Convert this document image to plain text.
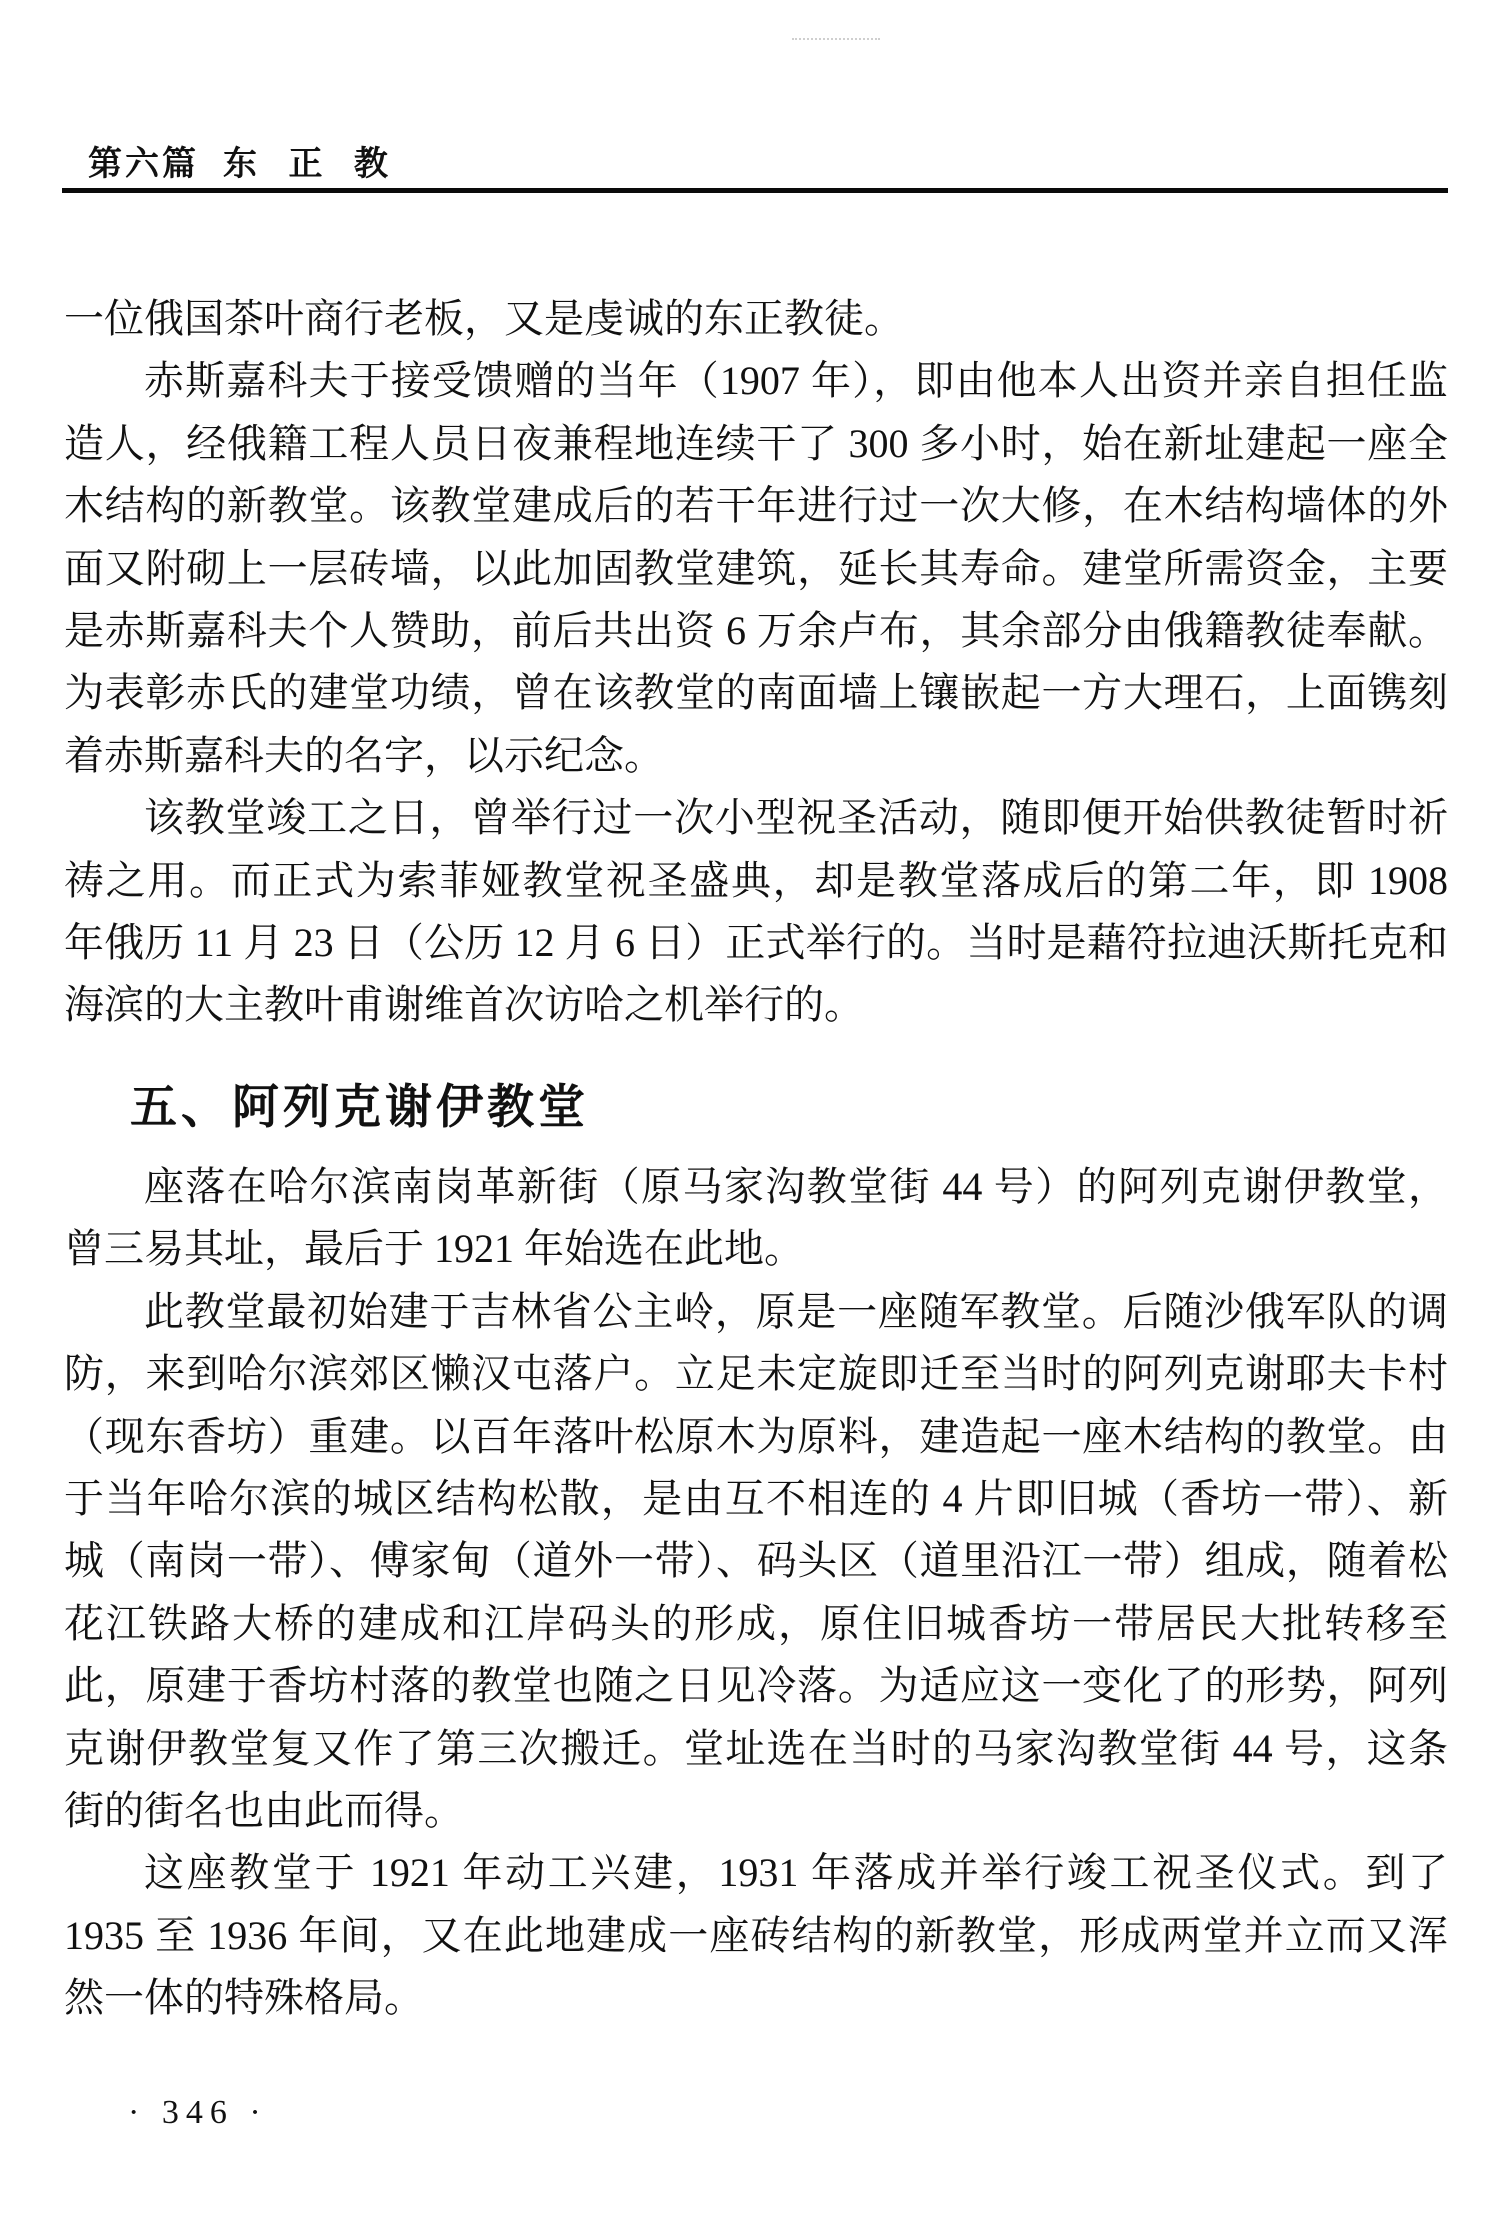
第六篇 东 正 教
一位俄国茶叶商行老板，又是虔诚的东正教徒。
赤斯嘉科夫于接受馈赠的当年（1907 年），即由他本人出资并亲自担任监
造人，经俄籍工程人员日夜兼程地连续干了 300 多小时，始在新址建起一座全
木结构的新教堂。该教堂建成后的若干年进行过一次大修，在木结构墙体的外
面又附砌上一层砖墙，以此加固教堂建筑，延长其寿命。建堂所需资金，主要
是赤斯嘉科夫个人赞助，前后共出资 6 万余卢布，其余部分由俄籍教徒奉献。
为表彰赤氏的建堂功绩，曾在该教堂的南面墙上镶嵌起一方大理石，上面镌刻
着赤斯嘉科夫的名字，以示纪念。
该教堂竣工之日，曾举行过一次小型祝圣活动，随即便开始供教徒暂时祈
祷之用。而正式为索菲娅教堂祝圣盛典，却是教堂落成后的第二年，即 1908
年俄历 11 月 23 日（公历 12 月 6 日）正式举行的。当时是藉符拉迪沃斯托克和
海滨的大主教叶甫谢维首次访哈之机举行的。
五、阿列克谢伊教堂
座落在哈尔滨南岗革新街（原马家沟教堂街 44 号）的阿列克谢伊教堂，
曾三易其址，最后于 1921 年始选在此地。
此教堂最初始建于吉林省公主岭，原是一座随军教堂。后随沙俄军队的调
防，来到哈尔滨郊区懒汉屯落户。立足未定旋即迁至当时的阿列克谢耶夫卡村
（现东香坊）重建。以百年落叶松原木为原料，建造起一座木结构的教堂。由
于当年哈尔滨的城区结构松散，是由互不相连的 4 片即旧城（香坊一带）、新
城（南岗一带）、傅家甸（道外一带）、码头区（道里沿江一带）组成，随着松
花江铁路大桥的建成和江岸码头的形成，原住旧城香坊一带居民大批转移至
此，原建于香坊村落的教堂也随之日见冷落。为适应这一变化了的形势，阿列
克谢伊教堂复又作了第三次搬迁。堂址选在当时的马家沟教堂街 44 号，这条
街的街名也由此而得。
这座教堂于 1921 年动工兴建，1931 年落成并举行竣工祝圣仪式。到了
1935 至 1936 年间，又在此地建成一座砖结构的新教堂，形成两堂并立而又浑
然一体的特殊格局。
· 346 ·
